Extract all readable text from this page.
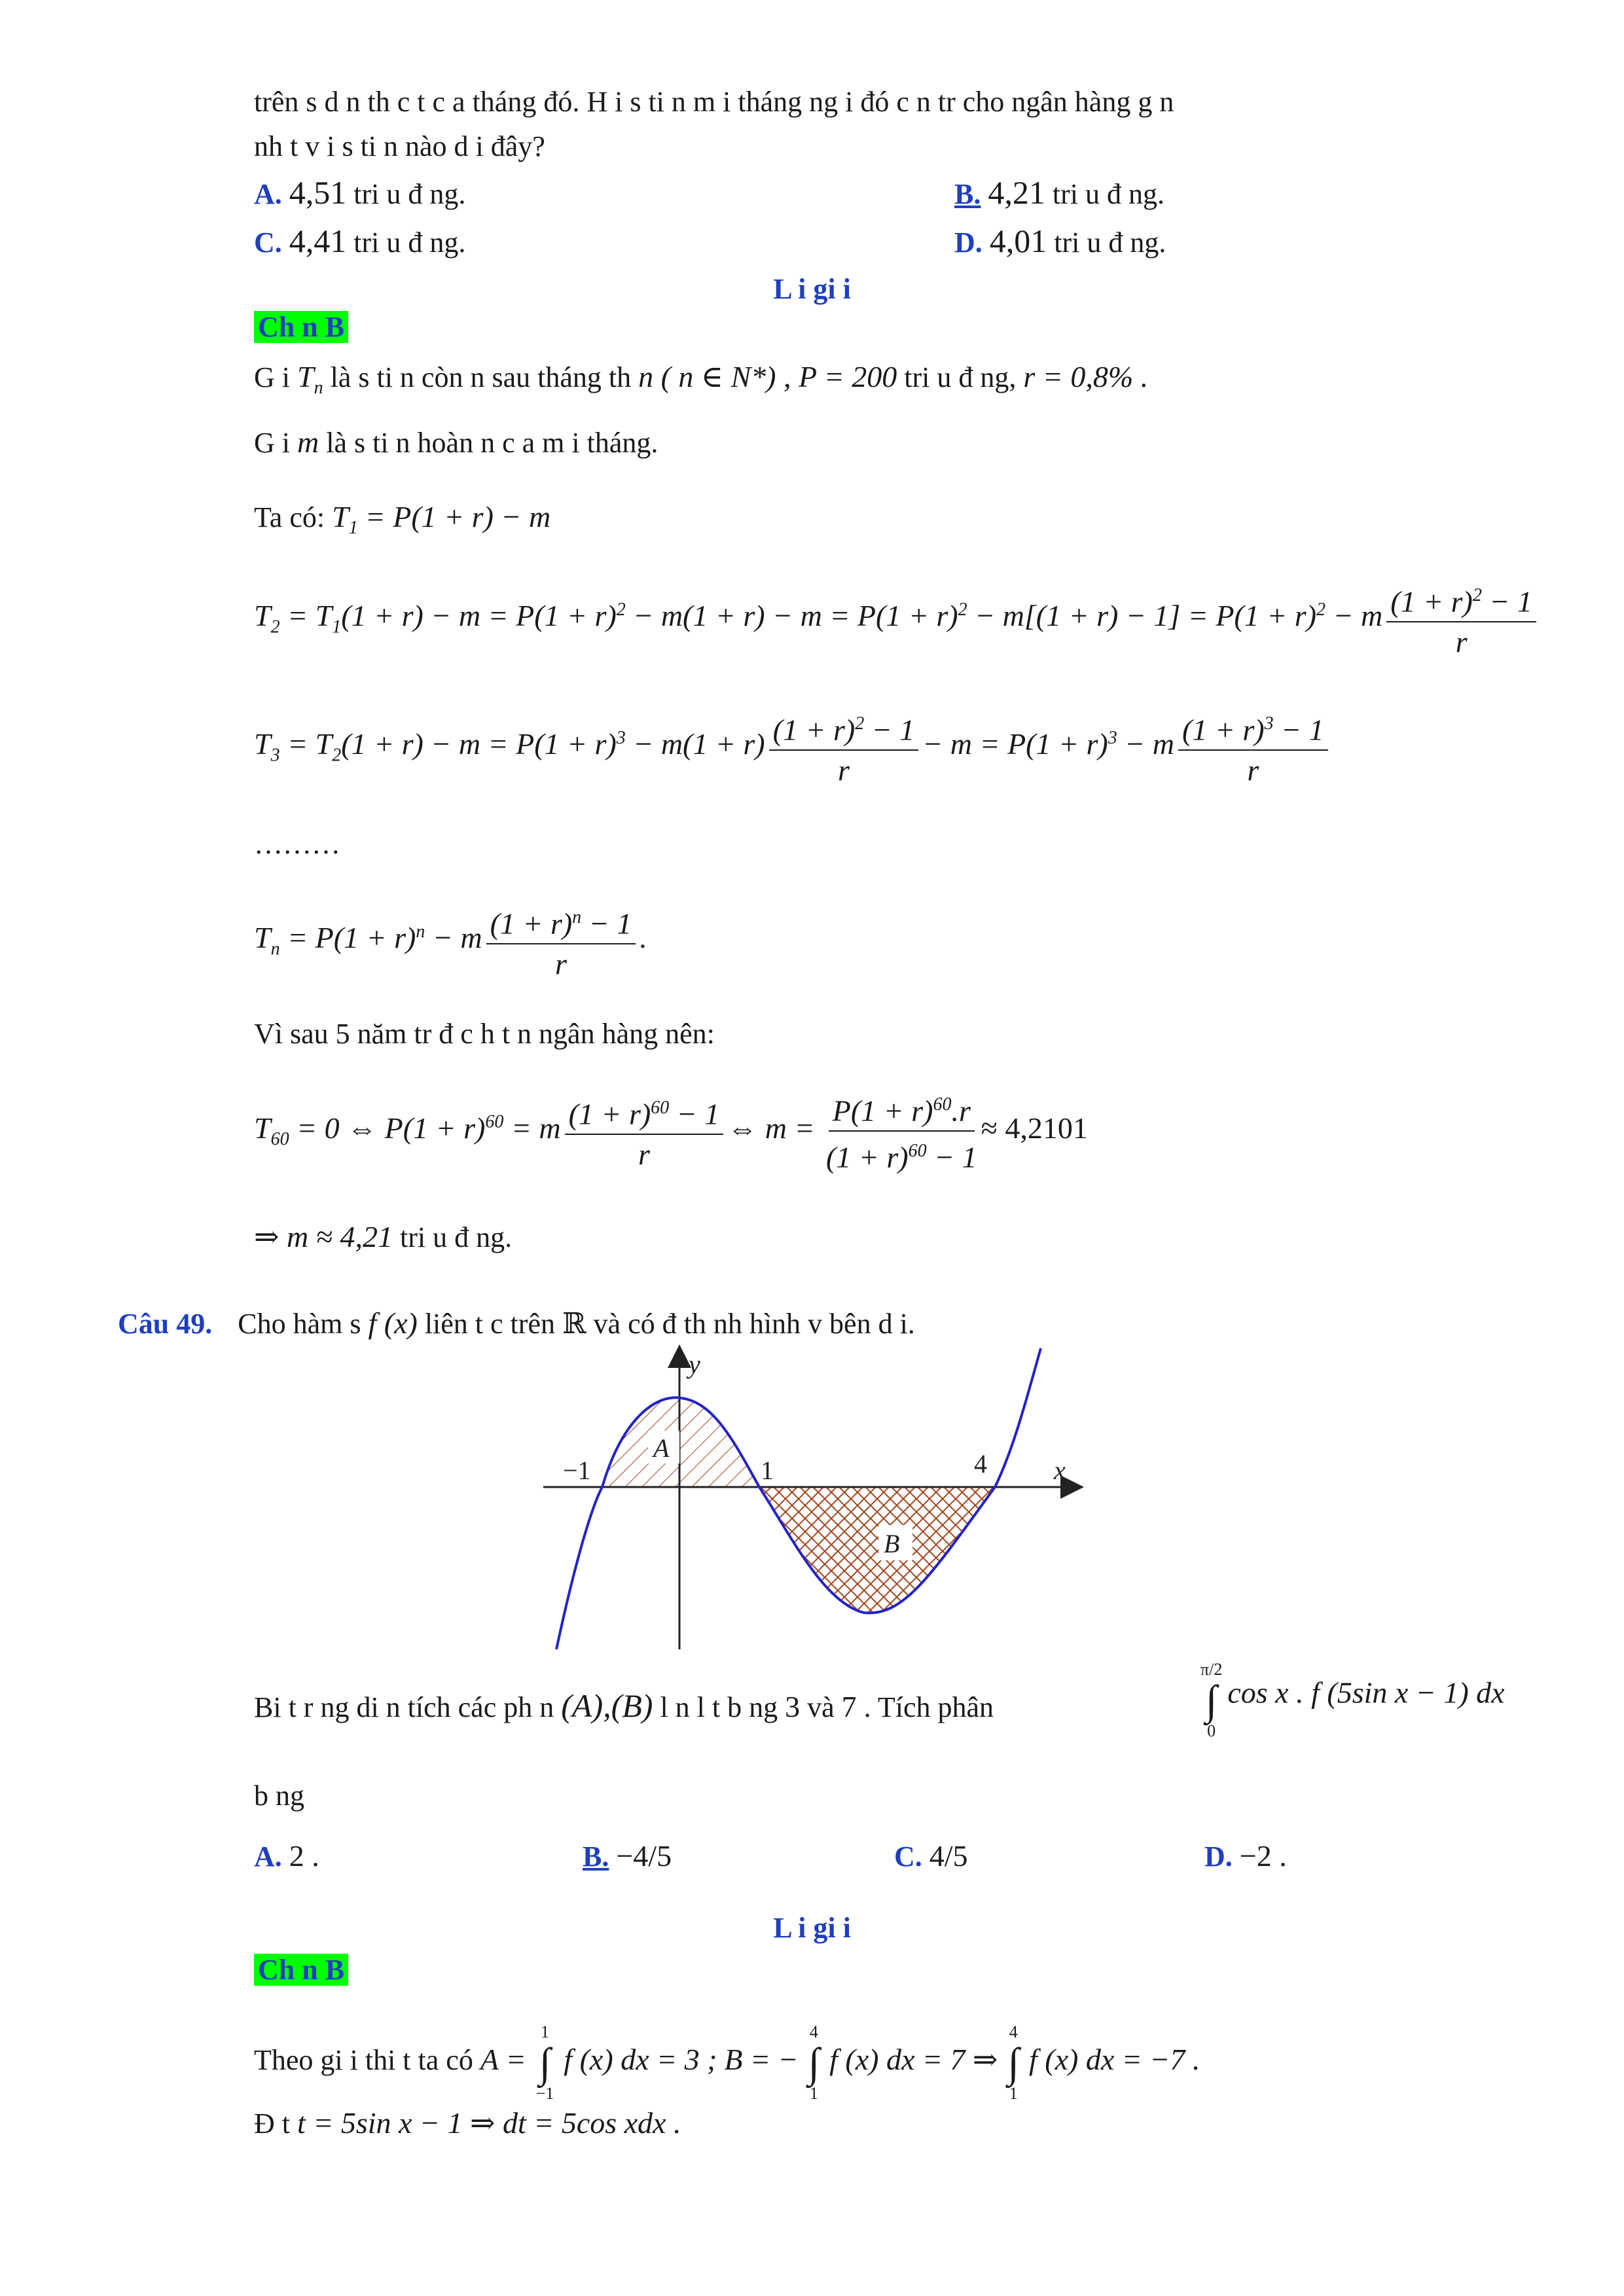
trên s d n th c t c a tháng đó. H i s ti n m i tháng ng i đó c n tr cho ngân hàng g n
nh t v i s ti n nào d i đây?
A. 4,51 tri u đ ng.	B. 4,21 tri u đ ng.
C. 4,41 tri u đ ng.	D. 4,01 tri u đ ng.
L i gi i
Ch n B
G i $T_n$ là s ti n còn n sau tháng th n ( n ∈ N*) , P = 200 tri u đ ng, r = 0,8% .
G i m là s ti n hoàn n c a m i tháng.
Ta có: $T_1 = P(1 + r) - m$
$T_2 = T_1(1 + r) - m = P(1 + r)^2 - m(1 + r) - m = P(1 + r)^2 - m[(1 + r) - 1] = P(1 + r)^2 - m \frac{(1 + r)^2 - 1}{r}$
$T_3 = T_2(1 + r) - m = P(1 + r)^3 - m(1 + r) \frac{(1 + r)^2 - 1}{r} - m = P(1 + r)^3 - m \frac{(1 + r)^3 - 1}{r}$
………
$T_n = P(1 + r)^n - m \frac{(1 + r)^n - 1}{r}$ .
Vì sau 5 năm tr đ c h t n ngân hàng nên:
$T_{60} = 0$ ⇔ $P(1 + r)^{60} = m \frac{(1 + r)^{60} - 1}{r}$ ⇔ $m = \frac{P(1 + r)^{60}.r}{(1 + r)^{60} - 1} \approx 4,2101$
⇒ m ≈ 4,21 tri u đ ng.
Câu 49. Cho hàm s f (x) liên t c trên ℝ và có đ th nh hình v bên d i.
y
x
−1	1	4
A
B
Bi t r ng di n tích các ph n (A),(B) l n l t b ng 3 và 7 . Tích phân
π/2
∫
0
cos x . f (5sin x − 1) dx
b ng
A. 2 .	B. −4/5	C. 4/5	D. −2 .
L i gi i
Ch n B
Theo gi i thi t ta có A =
1
∫
−1
f (x) dx = 3 ; B = −
4
∫
1
f (x) dx = 7 ⇒
4
∫
1
f (x) dx = −7 .
Đ t t = 5sin x − 1 ⇒ dt = 5cos xdx .
